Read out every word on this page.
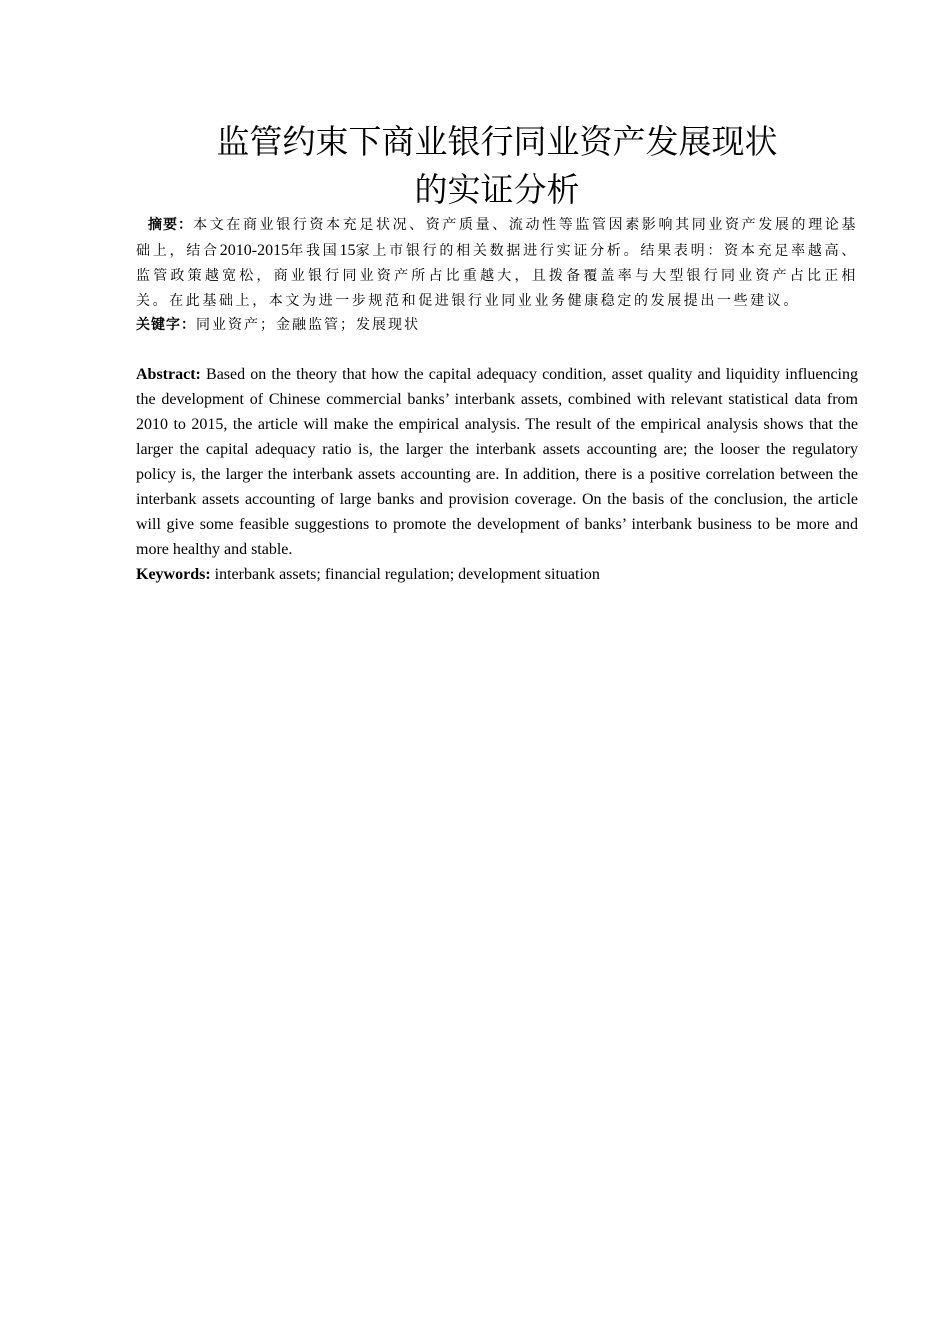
监管约束下商业银行同业资产发展现状
的实证分析

摘要：本文在商业银行资本充足状况、资产质量、流动性等监管因素影响其同业资产发展的理论基础上，结合2010-2015年我国15家上市银行的相关数据进行实证分析。结果表明：资本充足率越高、监管政策越宽松，商业银行同业资产所占比重越大，且拨备覆盖率与大型银行同业资产占比正相关。在此基础上，本文为进一步规范和促进银行业同业业务健康稳定的发展提出一些建议。

关键字：同业资产；金融监管；发展现状

Abstract: Based on the theory that how the capital adequacy condition, asset quality and liquidity influencing the development of Chinese commercial banks’ interbank assets, combined with relevant statistical data from 2010 to 2015, the article will make the empirical analysis. The result of the empirical analysis shows that the larger the capital adequacy ratio is, the larger the interbank assets accounting are; the looser the regulatory policy is, the larger the interbank assets accounting are. In addition, there is a positive correlation between the interbank assets accounting of large banks and provision coverage. On the basis of the conclusion, the article will give some feasible suggestions to promote the development of banks’ interbank business to be more and more healthy and stable.

Keywords: interbank assets; financial regulation; development situation
